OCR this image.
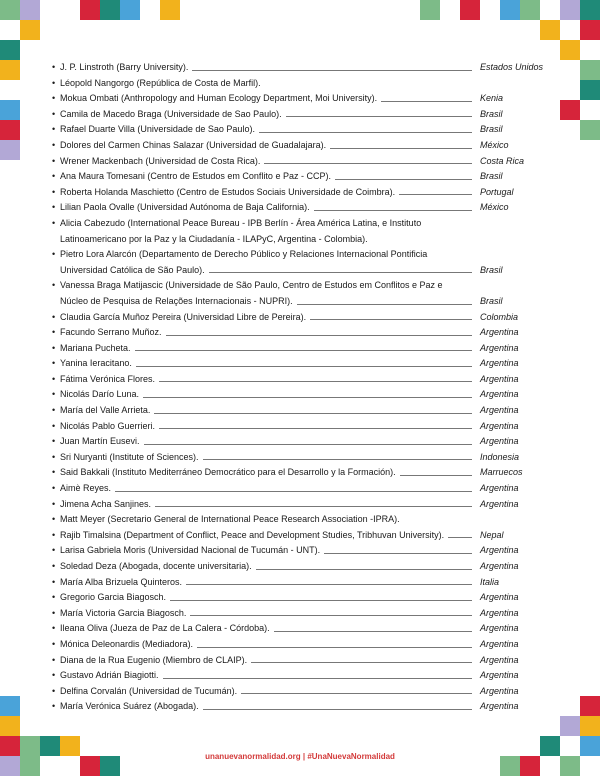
• J. P. Linstroth (Barry University).	Estados Unidos
• Léopold Nangorgo (República de Costa de Marfil).
• Mokua Ombati (Anthropology and Human Ecology Department, Moi University).	Kenia
• Camila de Macedo Braga (Universidade de Sao Paulo).	Brasil
• Rafael Duarte Villa (Universidade de Sao Paulo).	Brasil
• Dolores del Carmen Chinas Salazar (Universidad de Guadalajara).	México
• Wrener Mackenbach (Universidad de Costa Rica).	Costa Rica
• Ana Maura Tomesani (Centro de Estudos em Conflito e Paz - CCP).	Brasil
• Roberta Holanda Maschietto (Centro de Estudos Sociais Universidade de Coimbra).	Portugal
• Lilian Paola Ovalle (Universidad Autónoma de Baja California).	México
• Alicia Cabezudo (International Peace Bureau - IPB Berlín - Área América Latina, e Instituto Latinoamericano por la Paz y la Ciudadanía - ILAPyC, Argentina - Colombia).
• Pietro Lora Alarcón (Departamento de Derecho Público y Relaciones Internacional Pontificia Universidad Católica de São Paulo).	Brasil
• Vanessa Braga Matijascic (Universidade de São Paulo, Centro de Estudos em Conflitos e Paz e Núcleo de Pesquisa de Relações Internacionais - NUPRI).	Brasil
• Claudia García Muñoz Pereira (Universidad Libre de Pereira).	Colombia
• Facundo Serrano Muñoz.	Argentina
• Mariana Pucheta.	Argentina
• Yanina Ieracitano.	Argentina
• Fátima Verónica Flores.	Argentina
• Nicolás Darío Luna.	Argentina
• María del Valle Arrieta.	Argentina
• Nicolás Pablo Guerrieri.	Argentina
• Juan Martín Eusevi.	Argentina
• Sri Nuryanti (Institute of Sciences).	Indonesia
• Said Bakkali (Instituto Mediterráneo Democrático para el Desarrollo y la Formación).	Marruecos
• Aimè Reyes.	Argentina
• Jimena Acha Sanjines.	Argentina
• Matt Meyer (Secretario General de International Peace Research Association -IPRA).
• Rajib Timalsina (Department of Conflict, Peace and Development Studies, Tribhuvan University).	Nepal
• Larisa Gabriela Moris (Universidad Nacional de Tucumán - UNT).	Argentina
• Soledad Deza (Abogada, docente universitaria).	Argentina
• María Alba Brizuela Quinteros.	Italia
• Gregorio Garcia Biagosch.	Argentina
• María Victoria Garcia Biagosch.	Argentina
• Ileana Oliva (Jueza de Paz de La Calera - Córdoba).	Argentina
• Mónica Deleonardis (Mediadora).	Argentina
• Diana de la Rua Eugenio (Miembro de CLAIP).	Argentina
• Gustavo Adrián Biagiotti.	Argentina
• Delfina Corvalán (Universidad de Tucumán).	Argentina
• María Verónica Suárez (Abogada).	Argentina
unanuevanormalidad.org | #UnaNuevaNormalidad
